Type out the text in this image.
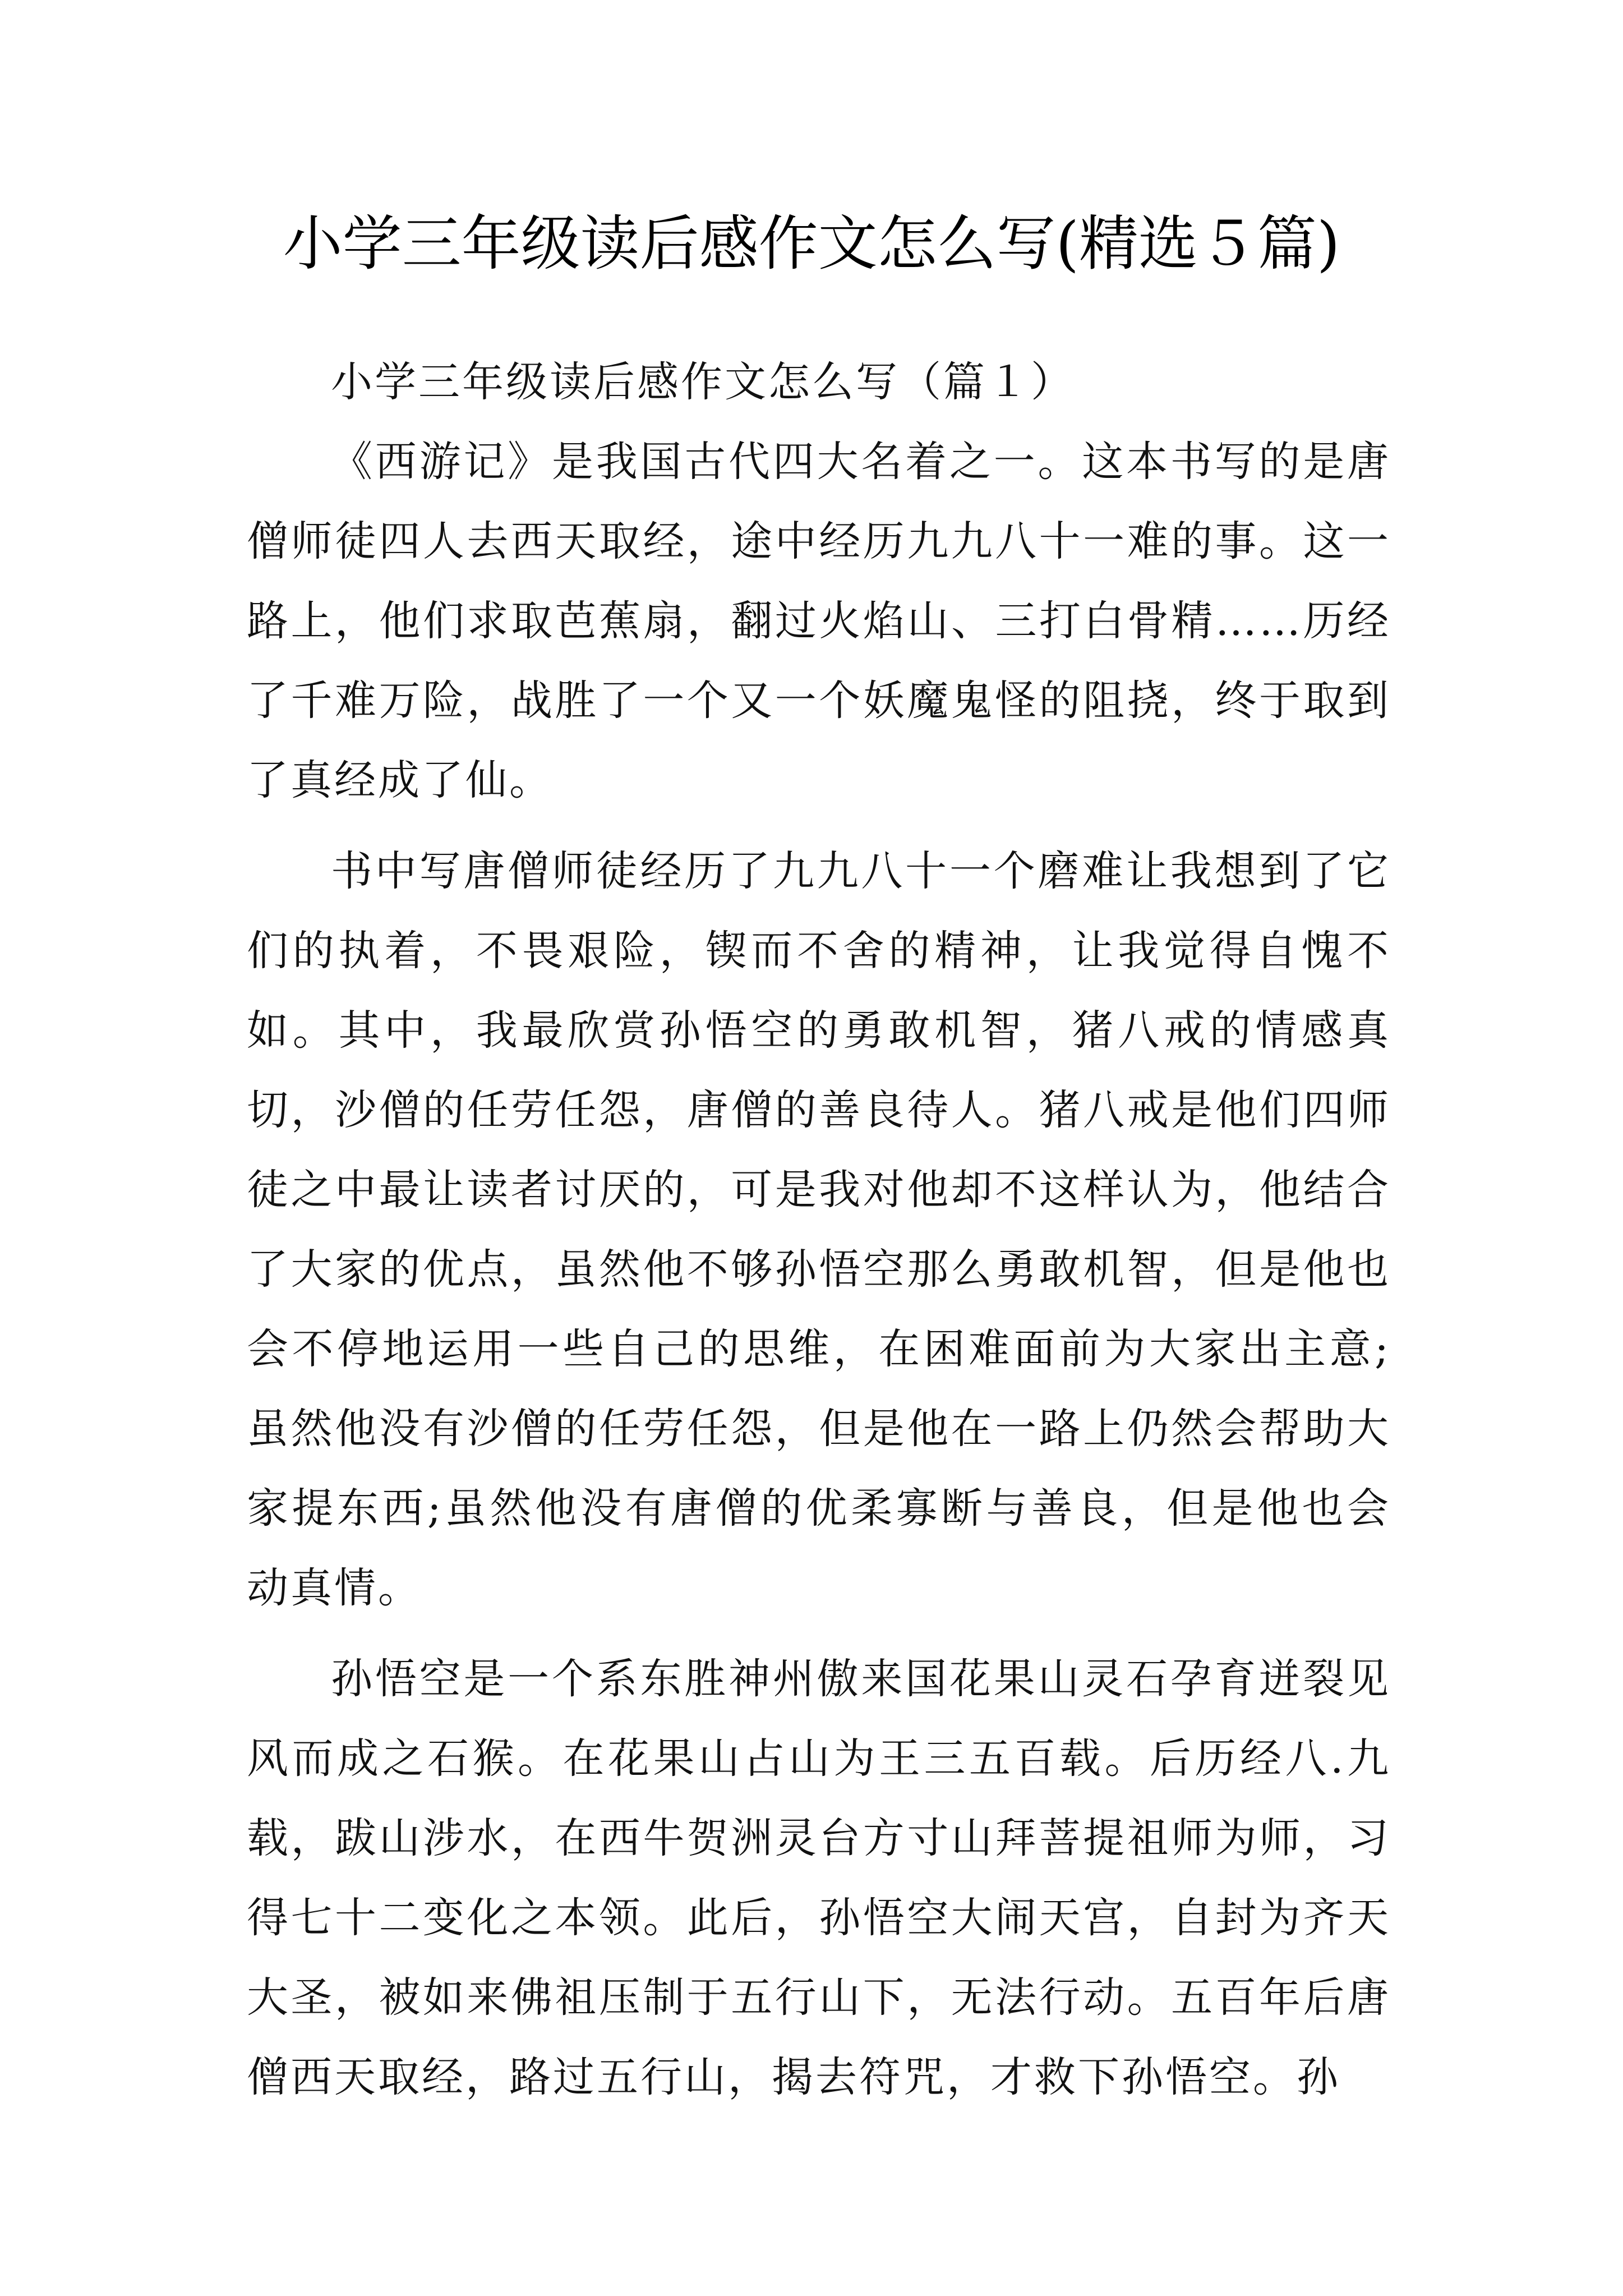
小学三年级读后感作文怎么写(精选５篇)
小学三年级读后感作文怎么写（篇１）

《西游记》是我国古代四大名着之一。这本书写的是唐僧师徒四人去西天取经，途中经历九九八十一难的事。这一路上，他们求取芭蕉扇，翻过火焰山、三打白骨精……历经了千难万险，战胜了一个又一个妖魔鬼怪的阻挠，终于取到了真经成了仙。

书中写唐僧师徒经历了九九八十一个磨难让我想到了它们的执着，不畏艰险，锲而不舍的精神，让我觉得自愧不如。其中，我最欣赏孙悟空的勇敢机智，猪八戒的情感真切，沙僧的任劳任怨，唐僧的善良待人。猪八戒是他们四师徒之中最让读者讨厌的，可是我对他却不这样认为，他结合了大家的优点，虽然他不够孙悟空那么勇敢机智，但是他也会不停地运用一些自己的思维，在困难面前为大家出主意;虽然他没有沙僧的任劳任怨，但是他在一路上仍然会帮助大家提东西;虽然他没有唐僧的优柔寡断与善良，但是他也会动真情。

孙悟空是一个系东胜神州傲来国花果山灵石孕育迸裂见风而成之石猴。在花果山占山为王三五百载。后历经八.九载，跋山涉水，在西牛贺洲灵台方寸山拜菩提祖师为师，习得七十二变化之本领。此后，孙悟空大闹天宫，自封为齐天大圣，被如来佛祖压制于五行山下，无法行动。五百年后唐僧西天取经，路过五行山，揭去符咒，才救下孙悟空。孙
